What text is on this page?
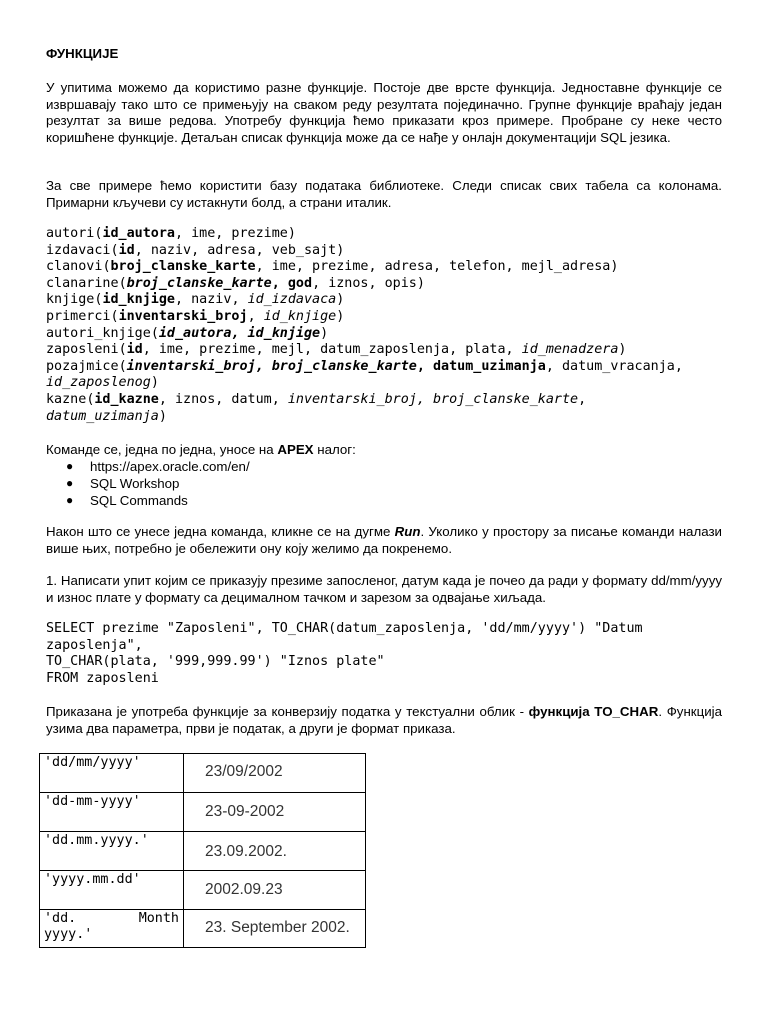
ФУНКЦИЈЕ
У упитима можемо да користимо разне функције. Постоје две врсте функција. Једноставне функције се извршавају тако што се примењују на сваком реду резултата појединачно. Групне функције враћају један резултат за више редова. Употребу функција ћемо приказати кроз примере. Пробране су неке често коришћене функције. Детаљан списак функција може да се нађе у онлајн документацији SQL језика.
За све примере ћемо користити базу података библиотеке. Следи списак свих табела са колонама. Примарни кључеви су истакнути болд, а страни италик.
autori(id_autora, ime, prezime)
izdavaci(id, naziv, adresa, veb_sajt)
clanovi(broj_clanske_karte, ime, prezime, adresa, telefon, mejl_adresa)
clanarine(broj_clanske_karte, god, iznos, opis)
knjige(id_knjige, naziv, id_izdavaca)
primerci(inventarski_broj, id_knjige)
autori_knjige(id_autora, id_knjige)
zaposleni(id, ime, prezime, mejl, datum_zaposlenja, plata, id_menadzera)
pozajmice(inventarski_broj, broj_clanske_karte, datum_uzimanja, datum_vracanja,
id_zaposlenog)
kazne(id_kazne, iznos, datum, inventarski_broj, broj_clanske_karte,
datum_uzimanja)
Команде се, једна по једна, уносе на APEX налог:
● https://apex.oracle.com/en/
● SQL Workshop
● SQL Commands
Након што се унесе једна команда, кликне се на дугме Run. Уколико у простору за писање команди налази више њих, потребно је обележити ону коју желимо да покренемо.
1. Написати упит којим се приказују презиме запосленог, датум када је почео да ради у формату dd/mm/yyyy и износ плате у формату са децималном тачком и зарезом за одвајање хиљада.
SELECT prezime "Zaposleni", TO_CHAR(datum_zaposlenja, 'dd/mm/yyyy') "Datum
zaposlenja",
TO_CHAR(plata, '999,999.99') "Iznos plate"
FROM zaposleni
Приказана је употреба функције за конверзију податка у текстуални облик - функција TO_CHAR. Функција узима два параметра, први је податак, а други је формат приказа.
'dd/mm/yyyy'
23/09/2002
'dd-mm-yyyy'
23-09-2002
'dd.mm.yyyy.'
23.09.2002.
'yyyy.mm.dd'
2002.09.23
'dd.	Month
yyyy.'	23. September 2002.
